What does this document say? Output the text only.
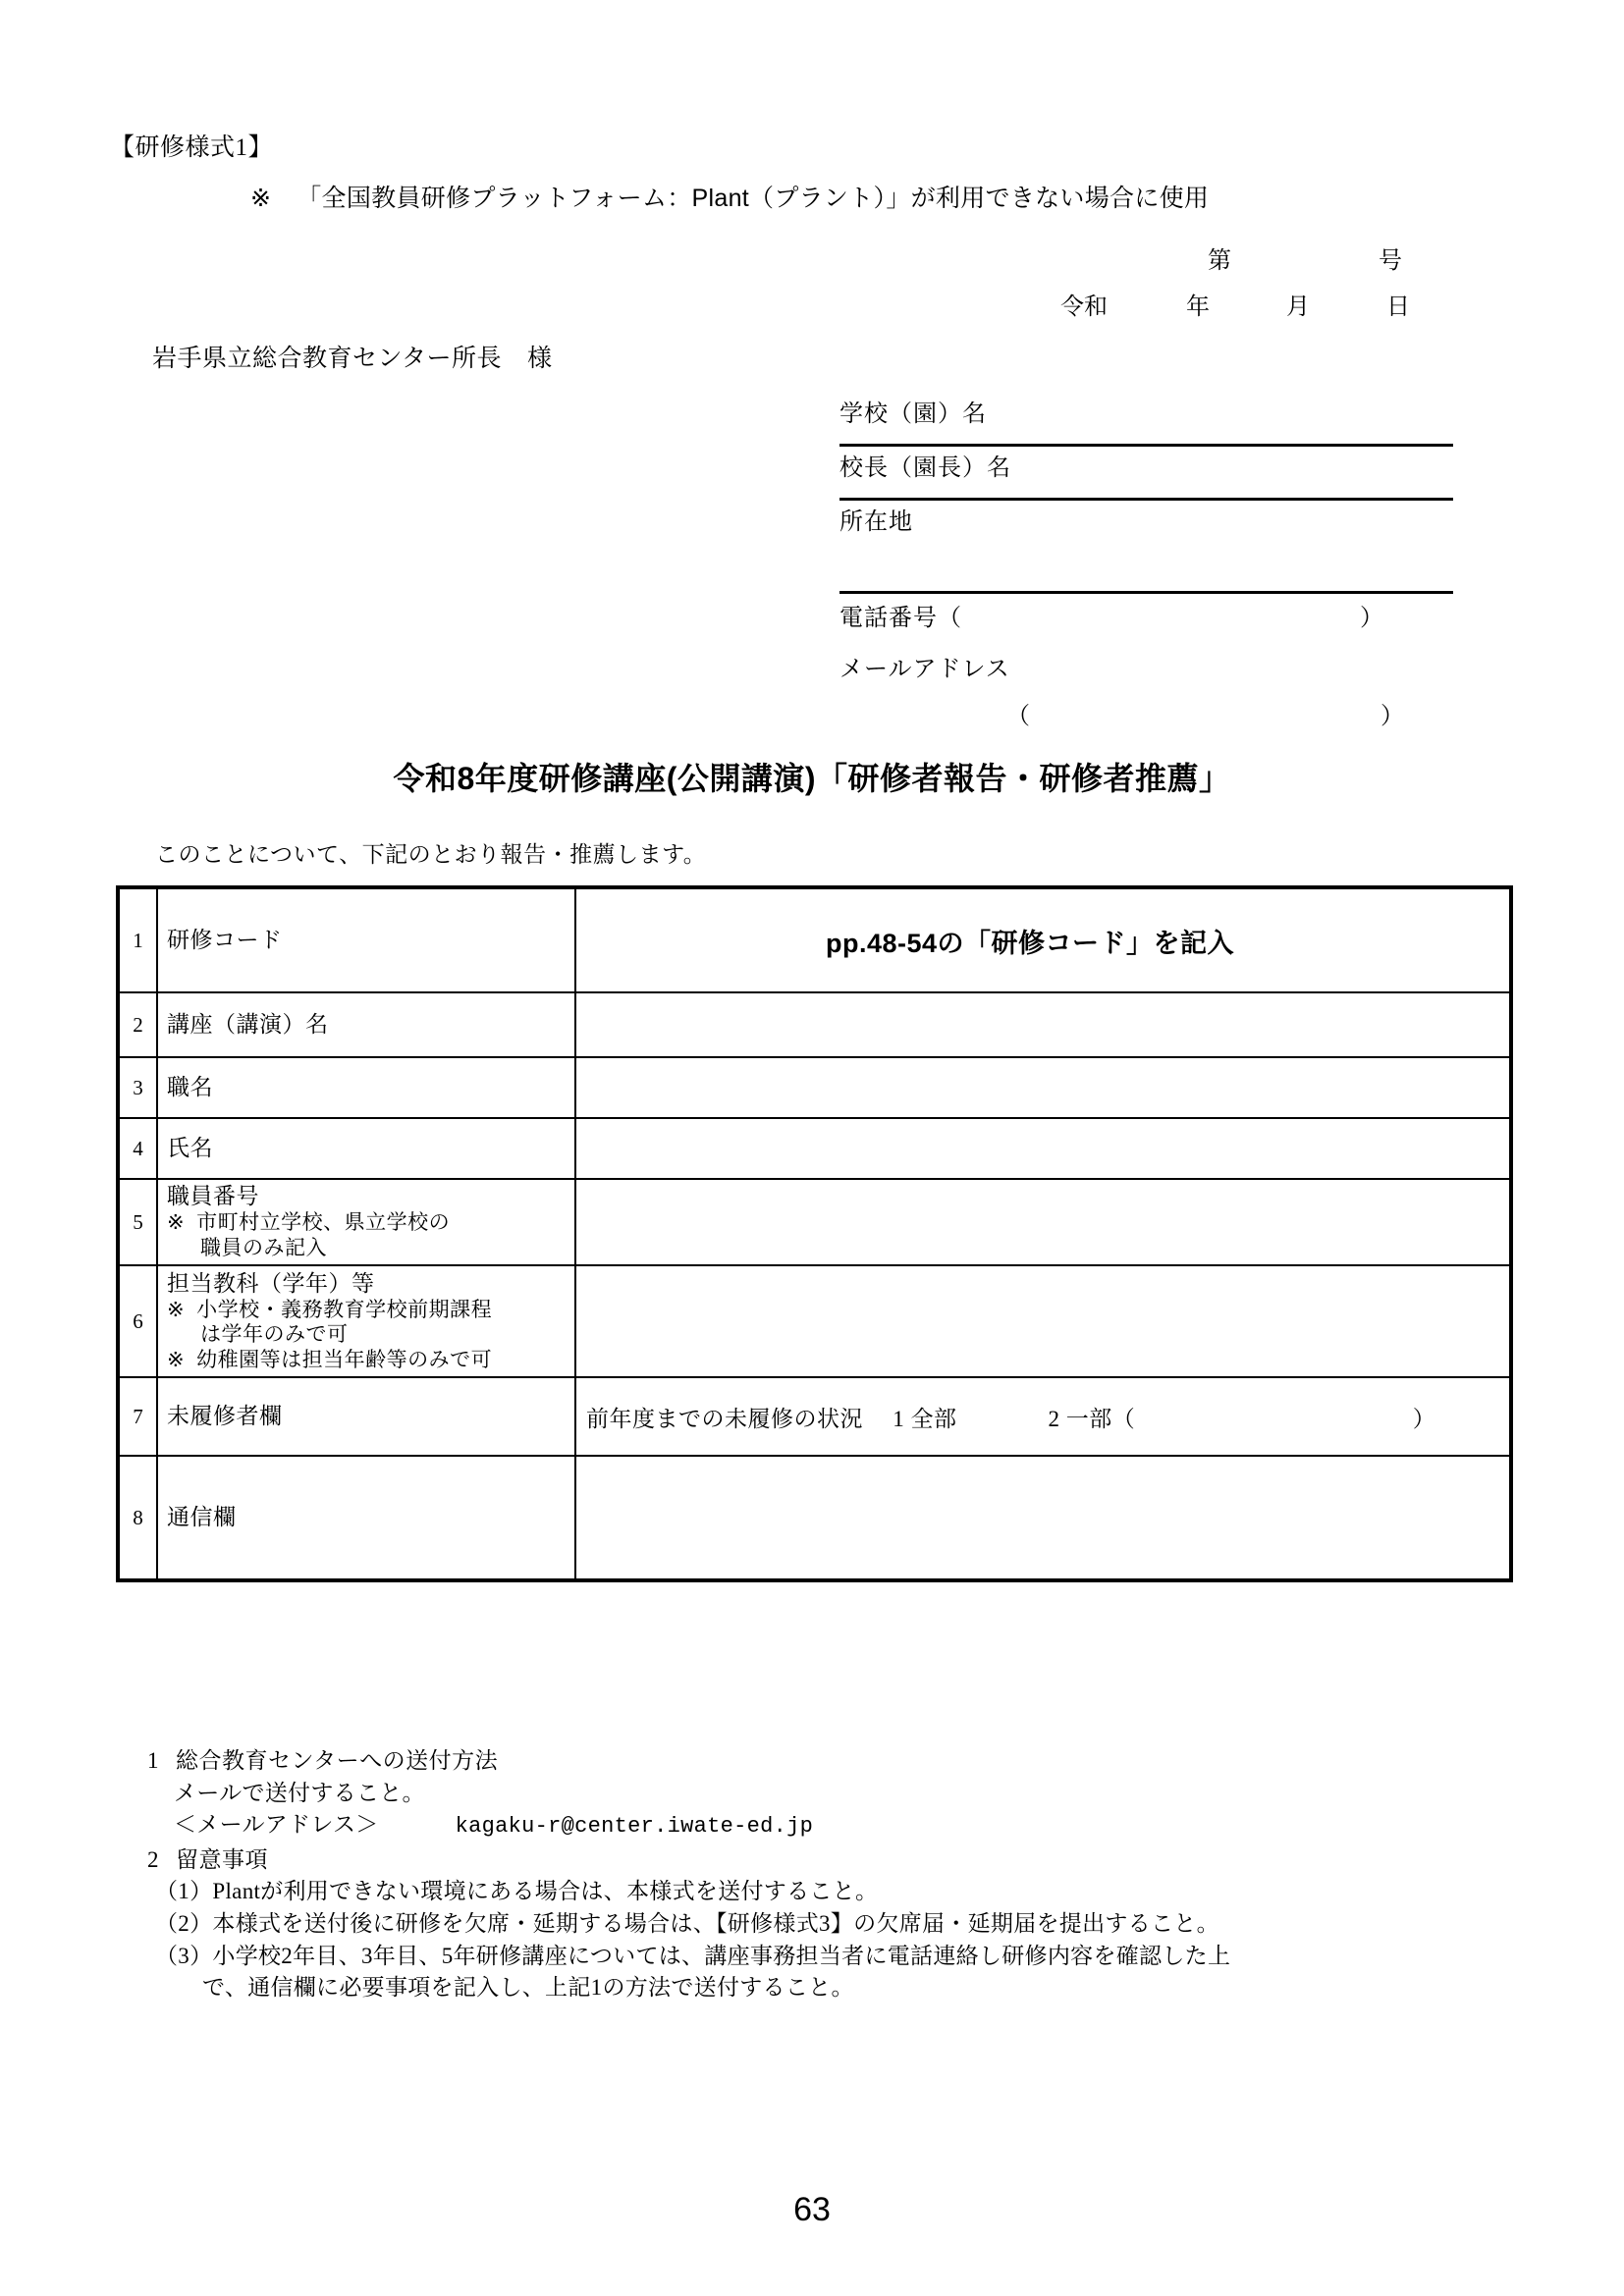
【研修様式1】
※ 「全国教員研修プラットフォーム：Plant（プラント）」が利用できない場合に使用
第	号
令和	年	月	日
岩手県立総合教育センター所長 様
学校（園）名
校長（園長）名
所在地
電話番号（	）
メールアドレス
（	）
令和8年度研修講座(公開講演)「研修者報告・研修者推薦」
このことについて、下記のとおり報告・推薦します。
1	研修コード	pp.48-54の「研修コード」を記入

2	講座（講演）名	
3	職名	
4	氏名	
5	職員番号
※ 市町村立学校、県立学校の
職員のみ記入	

6	担当教科（学年）等
※ 小学校・義務教育学校前期課程
は学年のみで可
※ 幼稚園等は担当年齢等のみで可	

7	未履修者欄	前年度までの未履修の状況 1 全部 2 一部（ ）
8	通信欄	
1 総合教育センターへの送付方法
メールで送付すること。
＜メールアドレス＞	kagaku-r@center.iwate-ed.jp
2 留意事項
（1）Plantが利用できない環境にある場合は、本様式を送付すること。
（2）本様式を送付後に研修を欠席・延期する場合は、【研修様式3】の欠席届・延期届を提出すること。
（3）小学校2年目、3年目、5年研修講座については、講座事務担当者に電話連絡し研修内容を確認した上
で、通信欄に必要事項を記入し、上記1の方法で送付すること。
63
